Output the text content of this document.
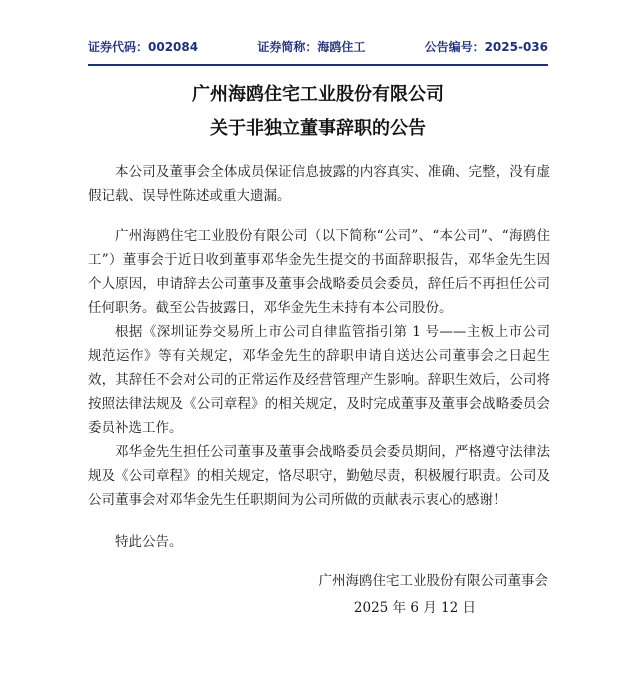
证券代码：002084	证券简称：海鸥住工	公告编号：2025-036
广州海鸥住宅工业股份有限公司
关于非独立董事辞职的公告

本公司及董事会全体成员保证信息披露的内容真实、准确、完整，没有虚假记载、误导性陈述或重大遗漏。

广州海鸥住宅工业股份有限公司（以下简称“公司”、“本公司”、“海鸥住工”）董事会于近日收到董事邓华金先生提交的书面辞职报告，邓华金先生因个人原因，申请辞去公司董事及董事会战略委员会委员，辞任后不再担任公司任何职务。截至公告披露日，邓华金先生未持有本公司股份。

根据《深圳证券交易所上市公司自律监管指引第 1 号——主板上市公司规范运作》等有关规定，邓华金先生的辞职申请自送达公司董事会之日起生效，其辞任不会对公司的正常运作及经营管理产生影响。辞职生效后，公司将按照法律法规及《公司章程》的相关规定，及时完成董事及董事会战略委员会委员补选工作。

邓华金先生担任公司董事及董事会战略委员会委员期间，严格遵守法律法规及《公司章程》的相关规定，恪尽职守，勤勉尽责，积极履行职责。公司及公司董事会对邓华金先生任职期间为公司所做的贡献表示衷心的感谢！

特此公告。

广州海鸥住宅工业股份有限公司董事会
2025 年 6 月 12 日
